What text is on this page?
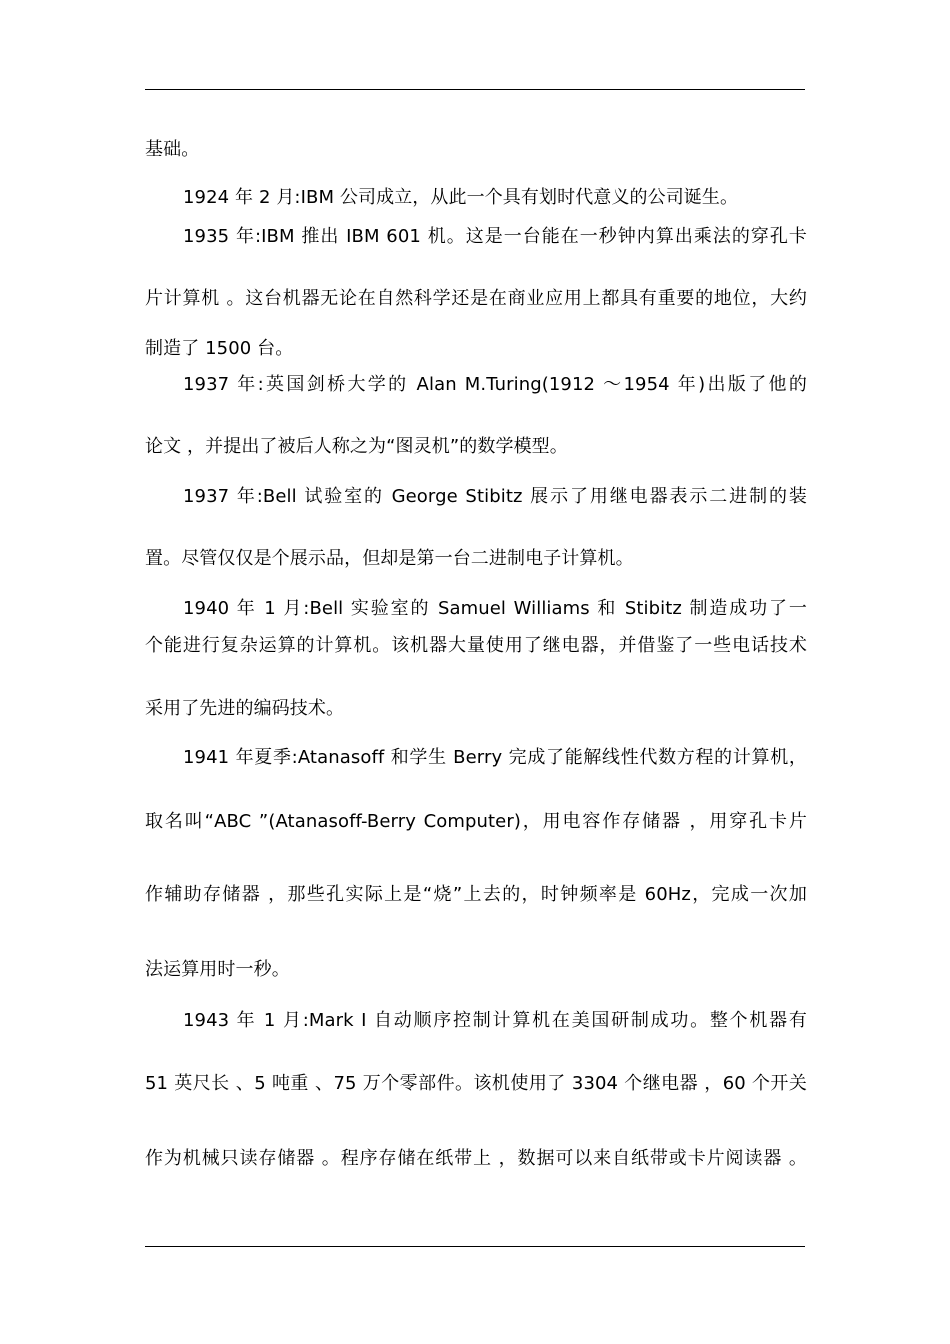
基础。
1924 年 2 月:IBM 公司成立，从此一个具有划时代意义的公司诞生。
1935 年:IBM 推出 IBM 601 机。这是一台能在一秒钟内算出乘法的穿孔卡
片计算机 。这台机器无论在自然科学还是在商业应用上都具有重要的地位，大约
制造了 1500 台。
1937 年:英国剑桥大学的 Alan M.Turing(1912 ～1954 年)出版了他的
论文 ，并提出了被后人称之为“图灵机”的数学模型。
1937 年:Bell 试验室的 George Stibitz 展示了用继电器表示二进制的装
置。尽管仅仅是个展示品，但却是第一台二进制电子计算机。
1940 年 1 月:Bell 实验室的 Samuel Williams 和 Stibitz 制造成功了一
个能进行复杂运算的计算机。该机器大量使用了继电器，并借鉴了一些电话技术
采用了先进的编码技术。
1941 年夏季:Atanasoff 和学生 Berry 完成了能解线性代数方程的计算机，
取名叫“ABC ”(Atanasoff-Berry Computer)，用电容作存储器 ，用穿孔卡片
作辅助存储器 ，那些孔实际上是“烧”上去的，时钟频率是 60Hz，完成一次加
法运算用时一秒。
1943 年 1 月:Mark I 自动顺序控制计算机在美国研制成功。整个机器有
51 英尺长 、5 吨重 、75 万个零部件。该机使用了 3304 个继电器 ，60 个开关
作为机械只读存储器 。程序存储在纸带上 ，数据可以来自纸带或卡片阅读器 。
